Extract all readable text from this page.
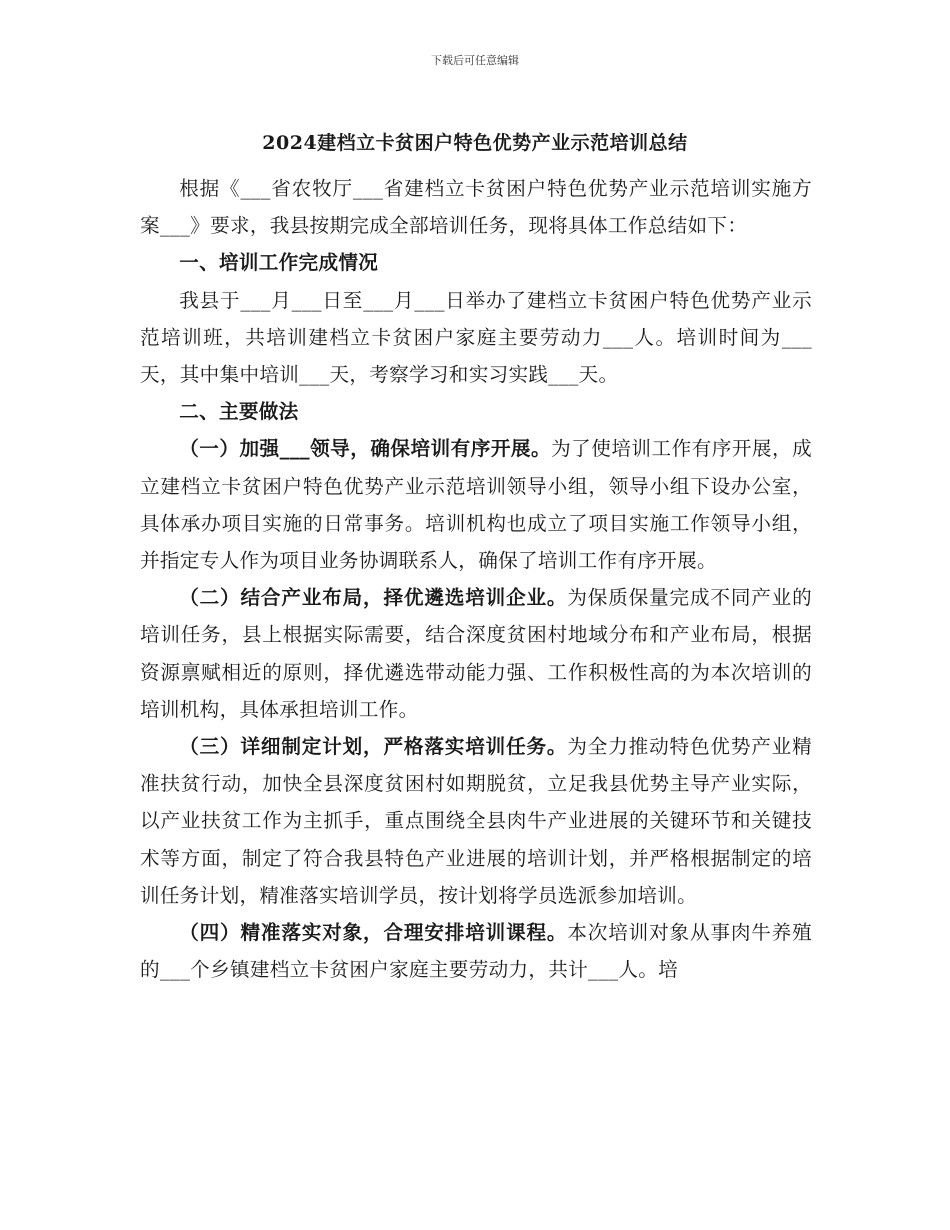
下载后可任意编辑
2024建档立卡贫困户特色优势产业示范培训总结

根据《___省农牧厅___省建档立卡贫困户特色优势产业示范培训实施方案___》要求，我县按期完成全部培训任务，现将具体工作总结如下：

一、培训工作完成情况

我县于___月___日至___月___日举办了建档立卡贫困户特色优势产业示范培训班，共培训建档立卡贫困户家庭主要劳动力___人。培训时间为___天，其中集中培训___天，考察学习和实习实践___天。

二、主要做法

（一）加强___领导，确保培训有序开展。为了使培训工作有序开展，成立建档立卡贫困户特色优势产业示范培训领导小组，领导小组下设办公室，具体承办项目实施的日常事务。培训机构也成立了项目实施工作领导小组，并指定专人作为项目业务协调联系人，确保了培训工作有序开展。

（二）结合产业布局，择优遴选培训企业。为保质保量完成不同产业的培训任务，县上根据实际需要，结合深度贫困村地域分布和产业布局，根据资源禀赋相近的原则，择优遴选带动能力强、工作积极性高的为本次培训的培训机构，具体承担培训工作。

（三）详细制定计划，严格落实培训任务。为全力推动特色优势产业精准扶贫行动，加快全县深度贫困村如期脱贫，立足我县优势主导产业实际，以产业扶贫工作为主抓手，重点围绕全县肉牛产业进展的关键环节和关键技术等方面，制定了符合我县特色产业进展的培训计划，并严格根据制定的培训任务计划，精准落实培训学员，按计划将学员选派参加培训。

（四）精准落实对象，合理安排培训课程。本次培训对象从事肉牛养殖的___个乡镇建档立卡贫困户家庭主要劳动力，共计___人。培
